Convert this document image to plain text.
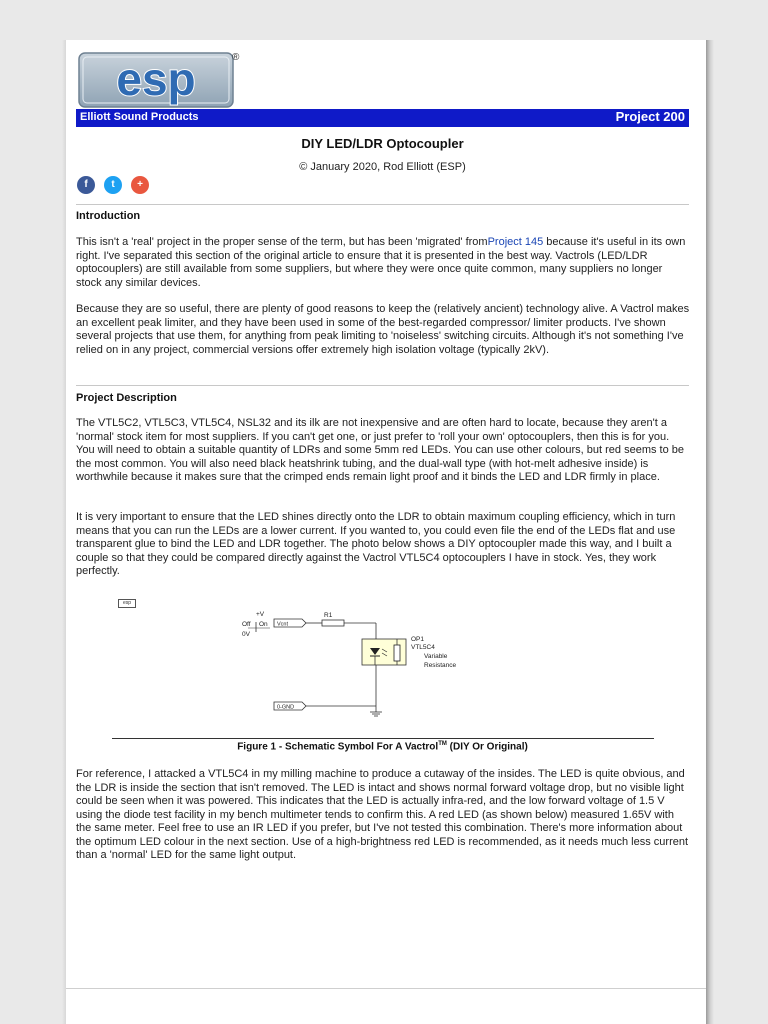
esp	®
Elliott Sound Products	Project 200
DIY LED/LDR Optocoupler
© January 2020, Rod Elliott (ESP)
f	t	+
Introduction
This isn't a 'real' project in the proper sense of the term, but has been 'migrated' fromProject 145 because it's useful in its own right. I've separated this section of the original article to ensure that it is presented in the best way. Vactrols (LED/LDR optocouplers) are still available from some suppliers, but where they were once quite common, many suppliers no longer stock any similar devices.
Because they are so useful, there are plenty of good reasons to keep the (relatively ancient) technology alive. A Vactrol makes an excellent peak limiter, and they have been used in some of the best-regarded compressor/ limiter products. I've shown several projects that use them, for anything from peak limiting to 'noiseless' switching circuits. Although it's not something I've relied on in any project, commercial versions offer extremely high isolation voltage (typically 2kV).
Project Description
The VTL5C2, VTL5C3, VTL5C4, NSL32 and its ilk are not inexpensive and are often hard to locate, because they aren't a 'normal' stock item for most suppliers. If you can't get one, or just prefer to 'roll your own' optocouplers, then this is for you. You will need to obtain a suitable quantity of LDRs and some 5mm red LEDs. You can use other colours, but red seems to be the most common. You will also need black heatshrink tubing, and the dual-wall type (with hot-melt adhesive inside) is worthwhile because it makes sure that the crimped ends remain light proof and it binds the LED and LDR firmly in place.
It is very important to ensure that the LED shines directly onto the LDR to obtain maximum coupling efficiency, which in turn means that you can run the LEDs are a lower current. If you wanted to, you could even file the end of the LEDs flat and use transparent glue to bind the LED and LDR together. The photo below shows a DIY optocoupler made this way, and I built a couple so that they could be compared directly against the Vactrol VTL5C4 optocouplers I have in stock. Yes, they work perfectly.
esp
+V
Off On
0V
Vcnt
R1
OP1
VTL5C4
Variable
Resistance
0-GND
Figure 1 - Schematic Symbol For A Vactrol™ (DIY Or Original)
For reference, I attacked a VTL5C4 in my milling machine to produce a cutaway of the insides. The LED is quite obvious, and the LDR is inside the section that isn't removed. The LED is intact and shows normal forward voltage drop, but no visible light could be seen when it was powered. This indicates that the LED is actually infra-red, and the low forward voltage of 1.5 V using the diode test facility in my bench multimeter tends to confirm this. A red LED (as shown below) measured 1.65V with the same meter. Feel free to use an IR LED if you prefer, but I've not tested this combination. There's more information about the optimum LED colour in the next section. Use of a high-brightness red LED is recommended, as it needs much less current than a 'normal' LED for the same light output.
